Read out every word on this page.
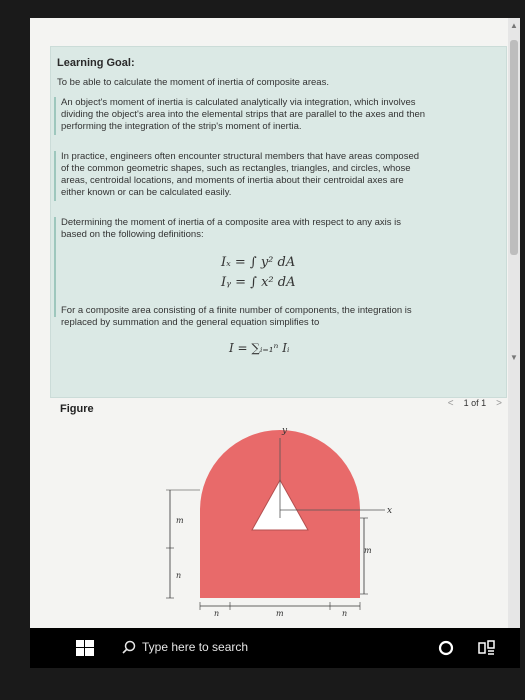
▲
▼
Learning Goal:
To be able to calculate the moment of inertia of composite areas.
An object's moment of inertia is calculated analytically via integration, which involves
dividing the object's area into the elemental strips that are parallel to the axes and then
performing the integration of the strip's moment of inertia.
In practice, engineers often encounter structural members that have areas composed
of the common geometric shapes, such as rectangles, triangles, and circles, whose
areas, centroidal locations, and moments of inertia about their centroidal axes are
either known or can be calculated easily.
Determining the moment of inertia of a composite area with respect to any axis is
based on the following definitions:
Iₓ = ∫ y² dA
Iᵧ = ∫ x² dA
For a composite area consisting of a finite number of components, the integration is
replaced by summation and the general equation simplifies to
I = ∑ᵢ₌₁ⁿ Iᵢ
Figure	< 1 of 1 >
y
x
m
n
m
n	m	n
Type here to search
